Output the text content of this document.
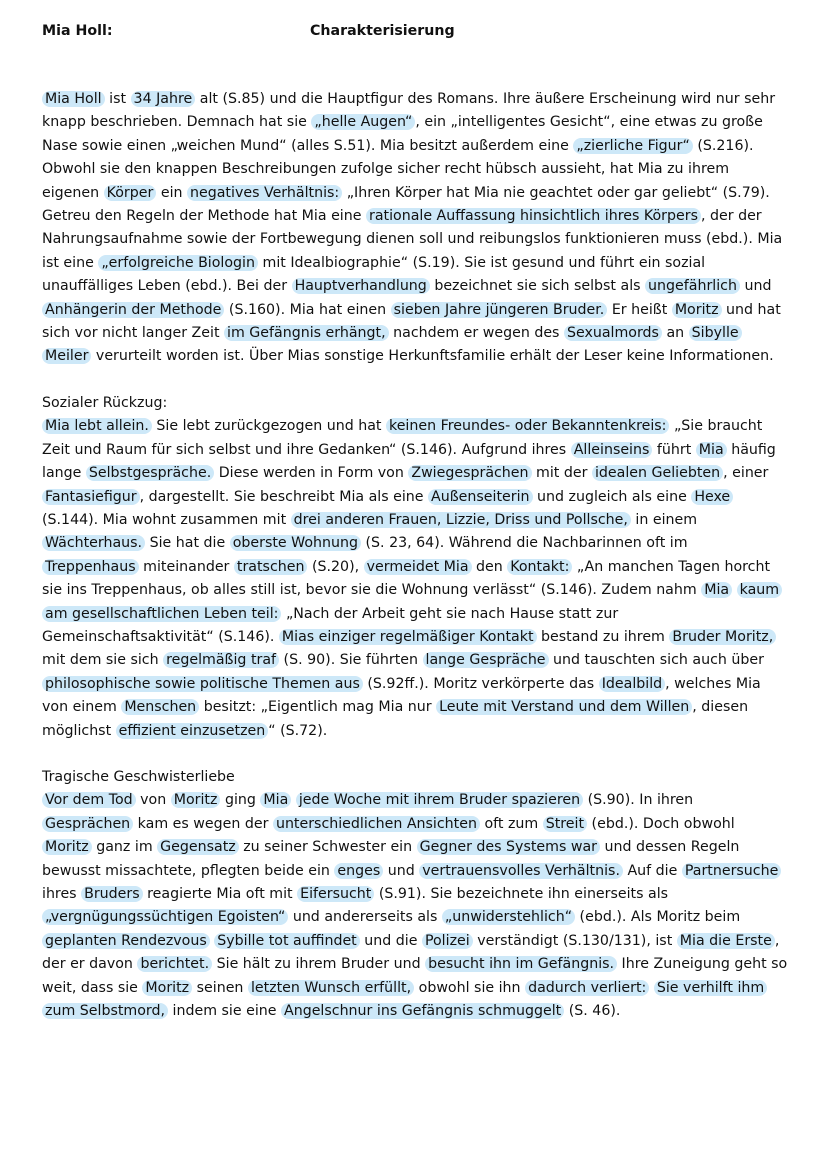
Mia Holl:	Charakterisierung

Mia Holl ist 34 Jahre alt (S.85) und die Hauptfigur des Romans. Ihre äußere Erscheinung wird nur sehr knapp beschrieben. Demnach hat sie „helle Augen“ , ein „intelligentes Gesicht“, eine etwas zu große Nase sowie einen „weichen Mund“ (alles S.51). Mia besitzt außerdem eine „zierliche Figur“ (S.216). Obwohl sie den knappen Beschreibungen zufolge sicher recht hübsch aussieht, hat Mia zu ihrem eigenen Körper ein negatives Verhältnis: „Ihren Körper hat Mia nie geachtet oder gar geliebt“ (S.79). Getreu den Regeln der Methode hat Mia eine rationale Auffassung hinsichtlich ihres Körpers , der der Nahrungsaufnahme sowie der Fortbewegung dienen soll und reibungslos funktionieren muss (ebd.). Mia ist eine „erfolgreiche Biologin mit Idealbiographie“ (S.19). Sie ist gesund und führt ein sozial unauffälliges Leben (ebd.). Bei der Hauptverhandlung bezeichnet sie sich selbst als ungefährlich und Anhängerin der Methode (S.160). Mia hat einen sieben Jahre jüngeren Bruder. Er heißt Moritz und hat sich vor nicht langer Zeit im Gefängnis erhängt, nachdem er wegen des Sexualmords an Sibylle Meiler verurteilt worden ist. Über Mias sonstige Herkunftsfamilie erhält der Leser keine Informationen.

Sozialer Rückzug:

Mia lebt allein. Sie lebt zurückgezogen und hat keinen Freundes- oder Bekanntenkreis: „Sie braucht Zeit und Raum für sich selbst und ihre Gedanken“ (S.146). Aufgrund ihres Alleinseins führt Mia häufig lange Selbstgespräche. Diese werden in Form von Zwiegesprächen mit der idealen Geliebten , einer Fantasiefigur , dargestellt. Sie beschreibt Mia als eine Außenseiterin und zugleich als eine Hexe (S.144). Mia wohnt zusammen mit drei anderen Frauen, Lizzie, Driss und Pollsche, in einem Wächterhaus. Sie hat die oberste Wohnung (S. 23, 64). Während die Nachbarinnen oft im Treppenhaus miteinander tratschen (S.20), vermeidet Mia den Kontakt: „An manchen Tagen horcht sie ins Treppenhaus, ob alles still ist, bevor sie die Wohnung verlässt“ (S.146). Zudem nahm Mia kaum am gesellschaftlichen Leben teil: „Nach der Arbeit geht sie nach Hause statt zur Gemeinschaftsaktivität“ (S.146). Mias einziger regelmäßiger Kontakt bestand zu ihrem Bruder Moritz, mit dem sie sich regelmäßig traf (S. 90). Sie führten lange Gespräche und tauschten sich auch über philosophische sowie politische Themen aus (S.92ff.). Moritz verkörperte das Idealbild , welches Mia von einem Menschen besitzt: „Eigentlich mag Mia nur Leute mit Verstand und dem Willen , diesen möglichst effizient einzusetzen “ (S.72).

Tragische Geschwisterliebe

Vor dem Tod von Moritz ging Mia jede Woche mit ihrem Bruder spazieren (S.90). In ihren Gesprächen kam es wegen der unterschiedlichen Ansichten oft zum Streit (ebd.). Doch obwohl Moritz ganz im Gegensatz zu seiner Schwester ein Gegner des Systems war und dessen Regeln bewusst missachtete, pflegten beide ein enges und vertrauensvolles Verhältnis. Auf die Partnersuche ihres Bruders reagierte Mia oft mit Eifersucht (S.91). Sie bezeichnete ihn einerseits als „vergnügungssüchtigen Egoisten“ und andererseits als „unwiderstehlich“ (ebd.). Als Moritz beim geplanten Rendezvous Sybille tot auffindet und die Polizei verständigt (S.130/131), ist Mia die Erste , der er davon berichtet. Sie hält zu ihrem Bruder und besucht ihn im Gefängnis. Ihre Zuneigung geht so weit, dass sie Moritz seinen letzten Wunsch erfüllt, obwohl sie ihn dadurch verliert: Sie verhilft ihm zum Selbstmord, indem sie eine Angelschnur ins Gefängnis schmuggelt (S. 46).
